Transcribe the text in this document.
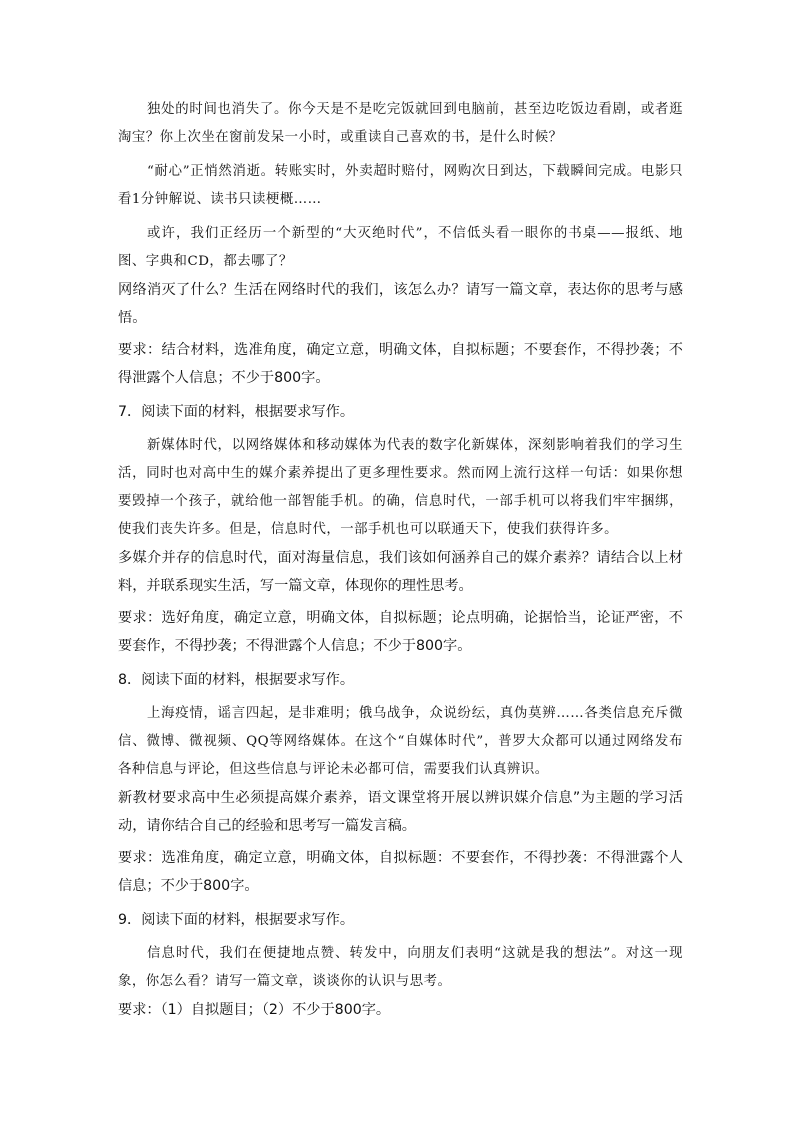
独处的时间也消失了。你今天是不是吃完饭就回到电脑前，甚至边吃饭边看剧，或者逛淘宝？你上次坐在窗前发呆一小时，或重读自己喜欢的书，是什么时候？

“耐心”正悄然消逝。转账实时，外卖超时赔付，网购次日到达，下载瞬间完成。电影只看1分钟解说、读书只读梗概……

或许，我们正经历一个新型的“大灭绝时代”，不信低头看一眼你的书桌——报纸、地图、字典和CD，都去哪了？

网络消灭了什么？生活在网络时代的我们，该怎么办？请写一篇文章，表达你的思考与感悟。

要求：结合材料，选准角度，确定立意，明确文体，自拟标题；不要套作，不得抄袭；不得泄露个人信息；不少于800字。

7．阅读下面的材料，根据要求写作。

新媒体时代，以网络媒体和移动媒体为代表的数字化新媒体，深刻影响着我们的学习生活，同时也对高中生的媒介素养提出了更多理性要求。然而网上流行这样一句话：如果你想要毁掉一个孩子，就给他一部智能手机。的确，信息时代，一部手机可以将我们牢牢捆绑，使我们丧失许多。但是，信息时代，一部手机也可以联通天下，使我们获得许多。

多媒介并存的信息时代，面对海量信息，我们该如何涵养自己的媒介素养？请结合以上材料，并联系现实生活，写一篇文章，体现你的理性思考。

要求：选好角度，确定立意，明确文体，自拟标题；论点明确，论据恰当，论证严密，不要套作，不得抄袭；不得泄露个人信息；不少于800字。

8．阅读下面的材料，根据要求写作。

上海疫情，谣言四起，是非难明；俄乌战争，众说纷纭，真伪莫辨……各类信息充斥微信、微博、微视频、QQ等网络媒体。在这个“自媒体时代”，普罗大众都可以通过网络发布各种信息与评论，但这些信息与评论未必都可信，需要我们认真辨识。

新教材要求高中生必须提高媒介素养，语文课堂将开展以辨识媒介信息”为主题的学习活动，请你结合自己的经验和思考写一篇发言稿。

要求：选准角度，确定立意，明确文体，自拟标题：不要套作，不得抄袭：不得泄露个人信息；不少于800字。

9．阅读下面的材料，根据要求写作。

信息时代，我们在便捷地点赞、转发中，向朋友们表明“这就是我的想法”。对这一现象，你怎么看？请写一篇文章，谈谈你的认识与思考。

要求：（1）自拟题目；（2）不少于800字。
